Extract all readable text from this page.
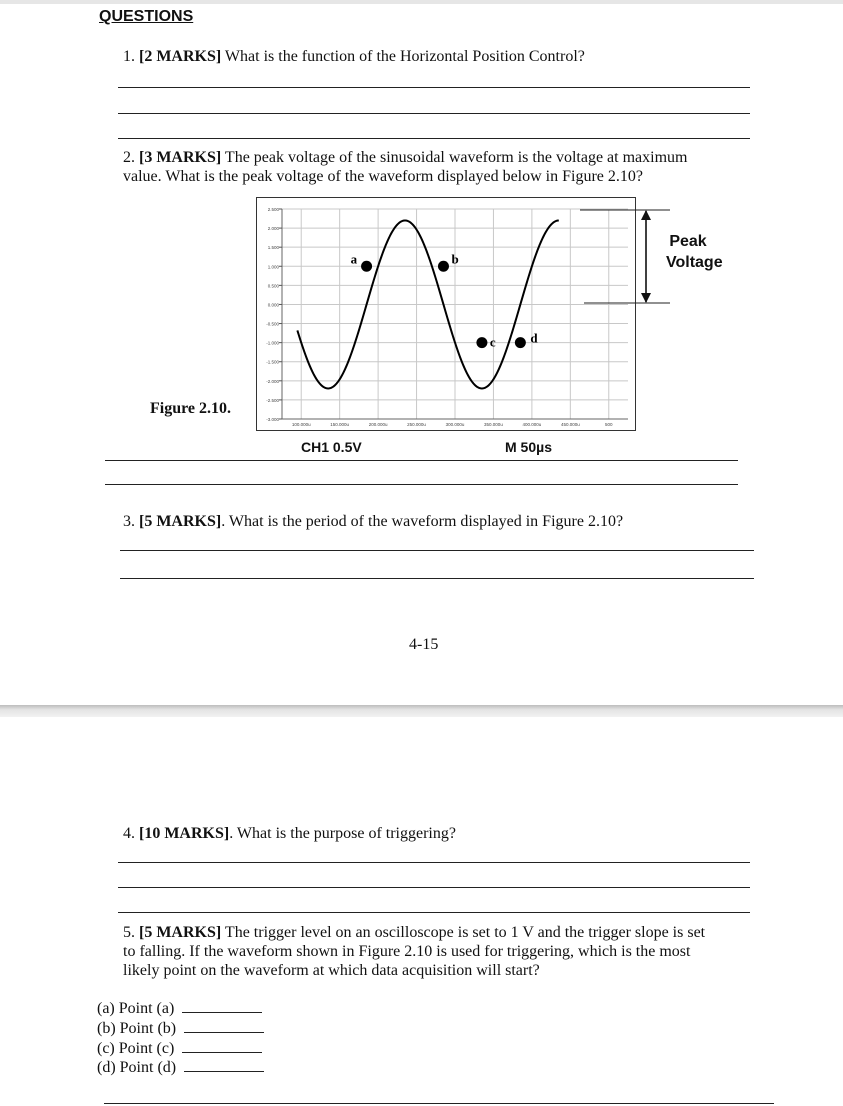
QUESTIONS
1. [2 MARKS] What is the function of the Horizontal Position Control?
2. [3 MARKS] The peak voltage of the sinusoidal waveform is the voltage at maximum
value. What is the peak voltage of the waveform displayed below in Figure 2.10?
Figure 2.10.
2.500
2.000
1.500
1.000
0.500
0.000
-0.500
-1.000
-1.500
-2.000
-2.500
-3.000
100.000u	150.000u	200.000u	250.000u	300.000u	350.000u	400.000u	450.000u	500
a	b
c	d
Peak
Voltage
CH1 0.5V	M 50µs
3. [5 MARKS]. What is the period of the waveform displayed in Figure 2.10?
4-15
4. [10 MARKS]. What is the purpose of triggering?
5. [5 MARKS] The trigger level on an oscilloscope is set to 1 V and the trigger slope is set
to falling. If the waveform shown in Figure 2.10 is used for triggering, which is the most
likely point on the waveform at which data acquisition will start?
(a) Point (a)
(b) Point (b)
(c) Point (c)
(d) Point (d)
